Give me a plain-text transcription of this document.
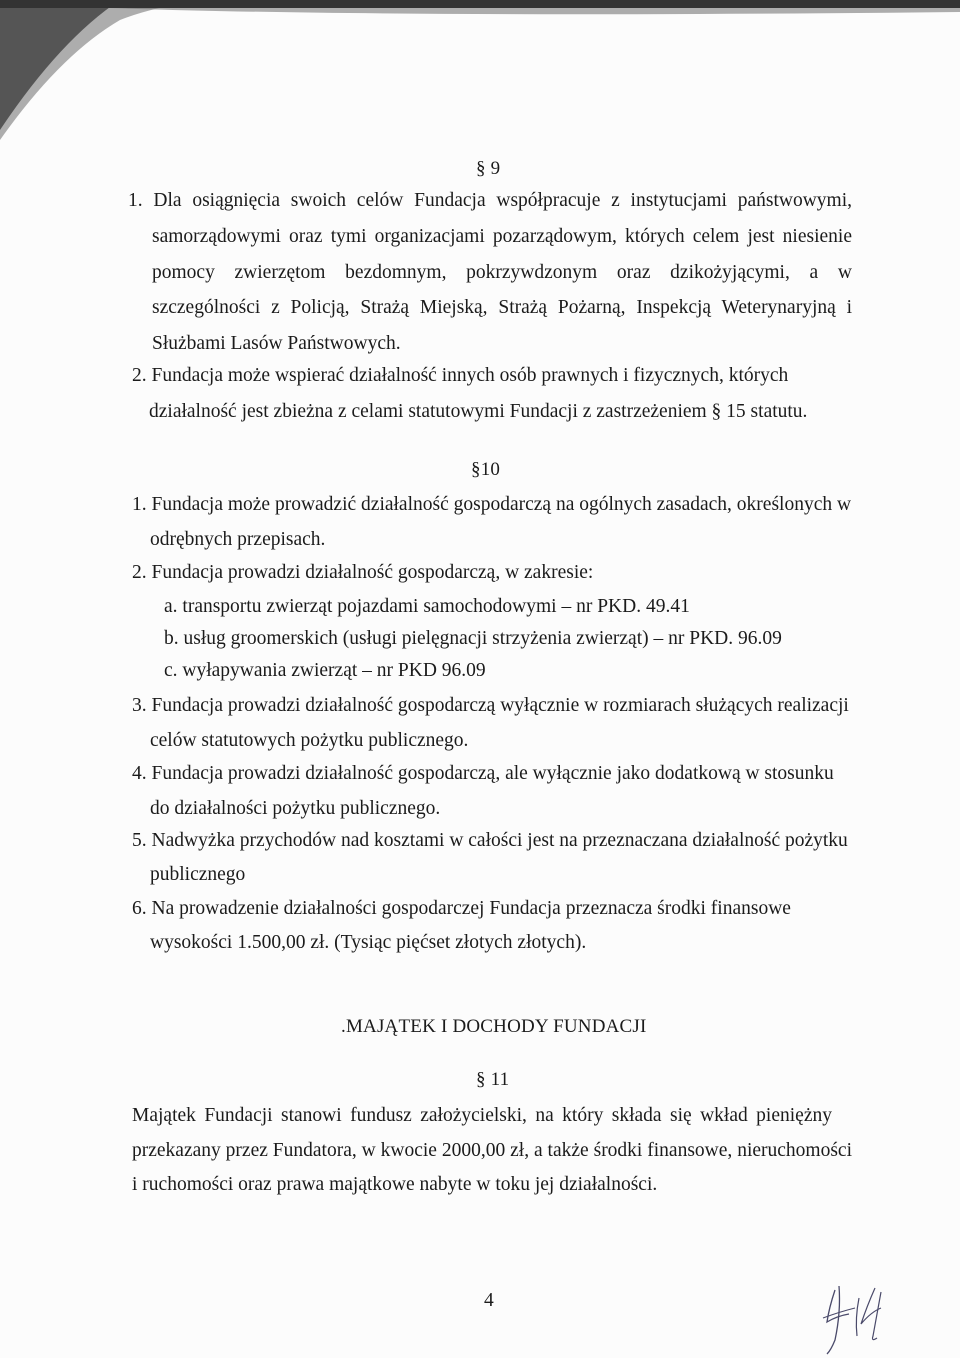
§ 9
1. Dla osiągnięcia swoich celów Fundacja współpracuje z instytucjami państwowymi,
samorządowymi oraz tymi organizacjami pozarządowym, których celem jest niesienie
pomocy zwierzętom bezdomnym, pokrzywdzonym oraz dzikożyjącymi, a w
szczególności z Policją, Strażą Miejską, Strażą Pożarną, Inspekcją Weterynaryjną i
Służbami Lasów Państwowych.
2. Fundacja może wspierać działalność innych osób prawnych i fizycznych, których
działalność jest zbieżna z celami statutowymi Fundacji z zastrzeżeniem § 15 statutu.
§10
1. Fundacja może prowadzić działalność gospodarczą na ogólnych zasadach, określonych w
odrębnych przepisach.
2. Fundacja prowadzi działalność gospodarczą, w zakresie:
a. transportu zwierząt pojazdami samochodowymi – nr PKD. 49.41
b. usług groomerskich (usługi pielęgnacji strzyżenia zwierząt) – nr PKD. 96.09
c. wyłapywania zwierząt – nr PKD 96.09
3. Fundacja prowadzi działalność gospodarczą wyłącznie w rozmiarach służących realizacji
celów statutowych pożytku publicznego.
4. Fundacja prowadzi działalność gospodarczą, ale wyłącznie jako dodatkową w stosunku
do działalności pożytku publicznego.
5. Nadwyżka przychodów nad kosztami w całości jest na przeznaczana działalność pożytku
publicznego
6. Na prowadzenie działalności gospodarczej Fundacja przeznacza środki finansowe
wysokości 1.500,00 zł. (Tysiąc pięćset złotych złotych).
.MAJĄTEK I DOCHODY FUNDACJI
§ 11
Majątek Fundacji stanowi fundusz założycielski, na który składa się wkład pieniężny
przekazany przez Fundatora, w kwocie 2000,00 zł, a także środki finansowe, nieruchomości
i ruchomości oraz prawa majątkowe nabyte w toku jej działalności.
4
